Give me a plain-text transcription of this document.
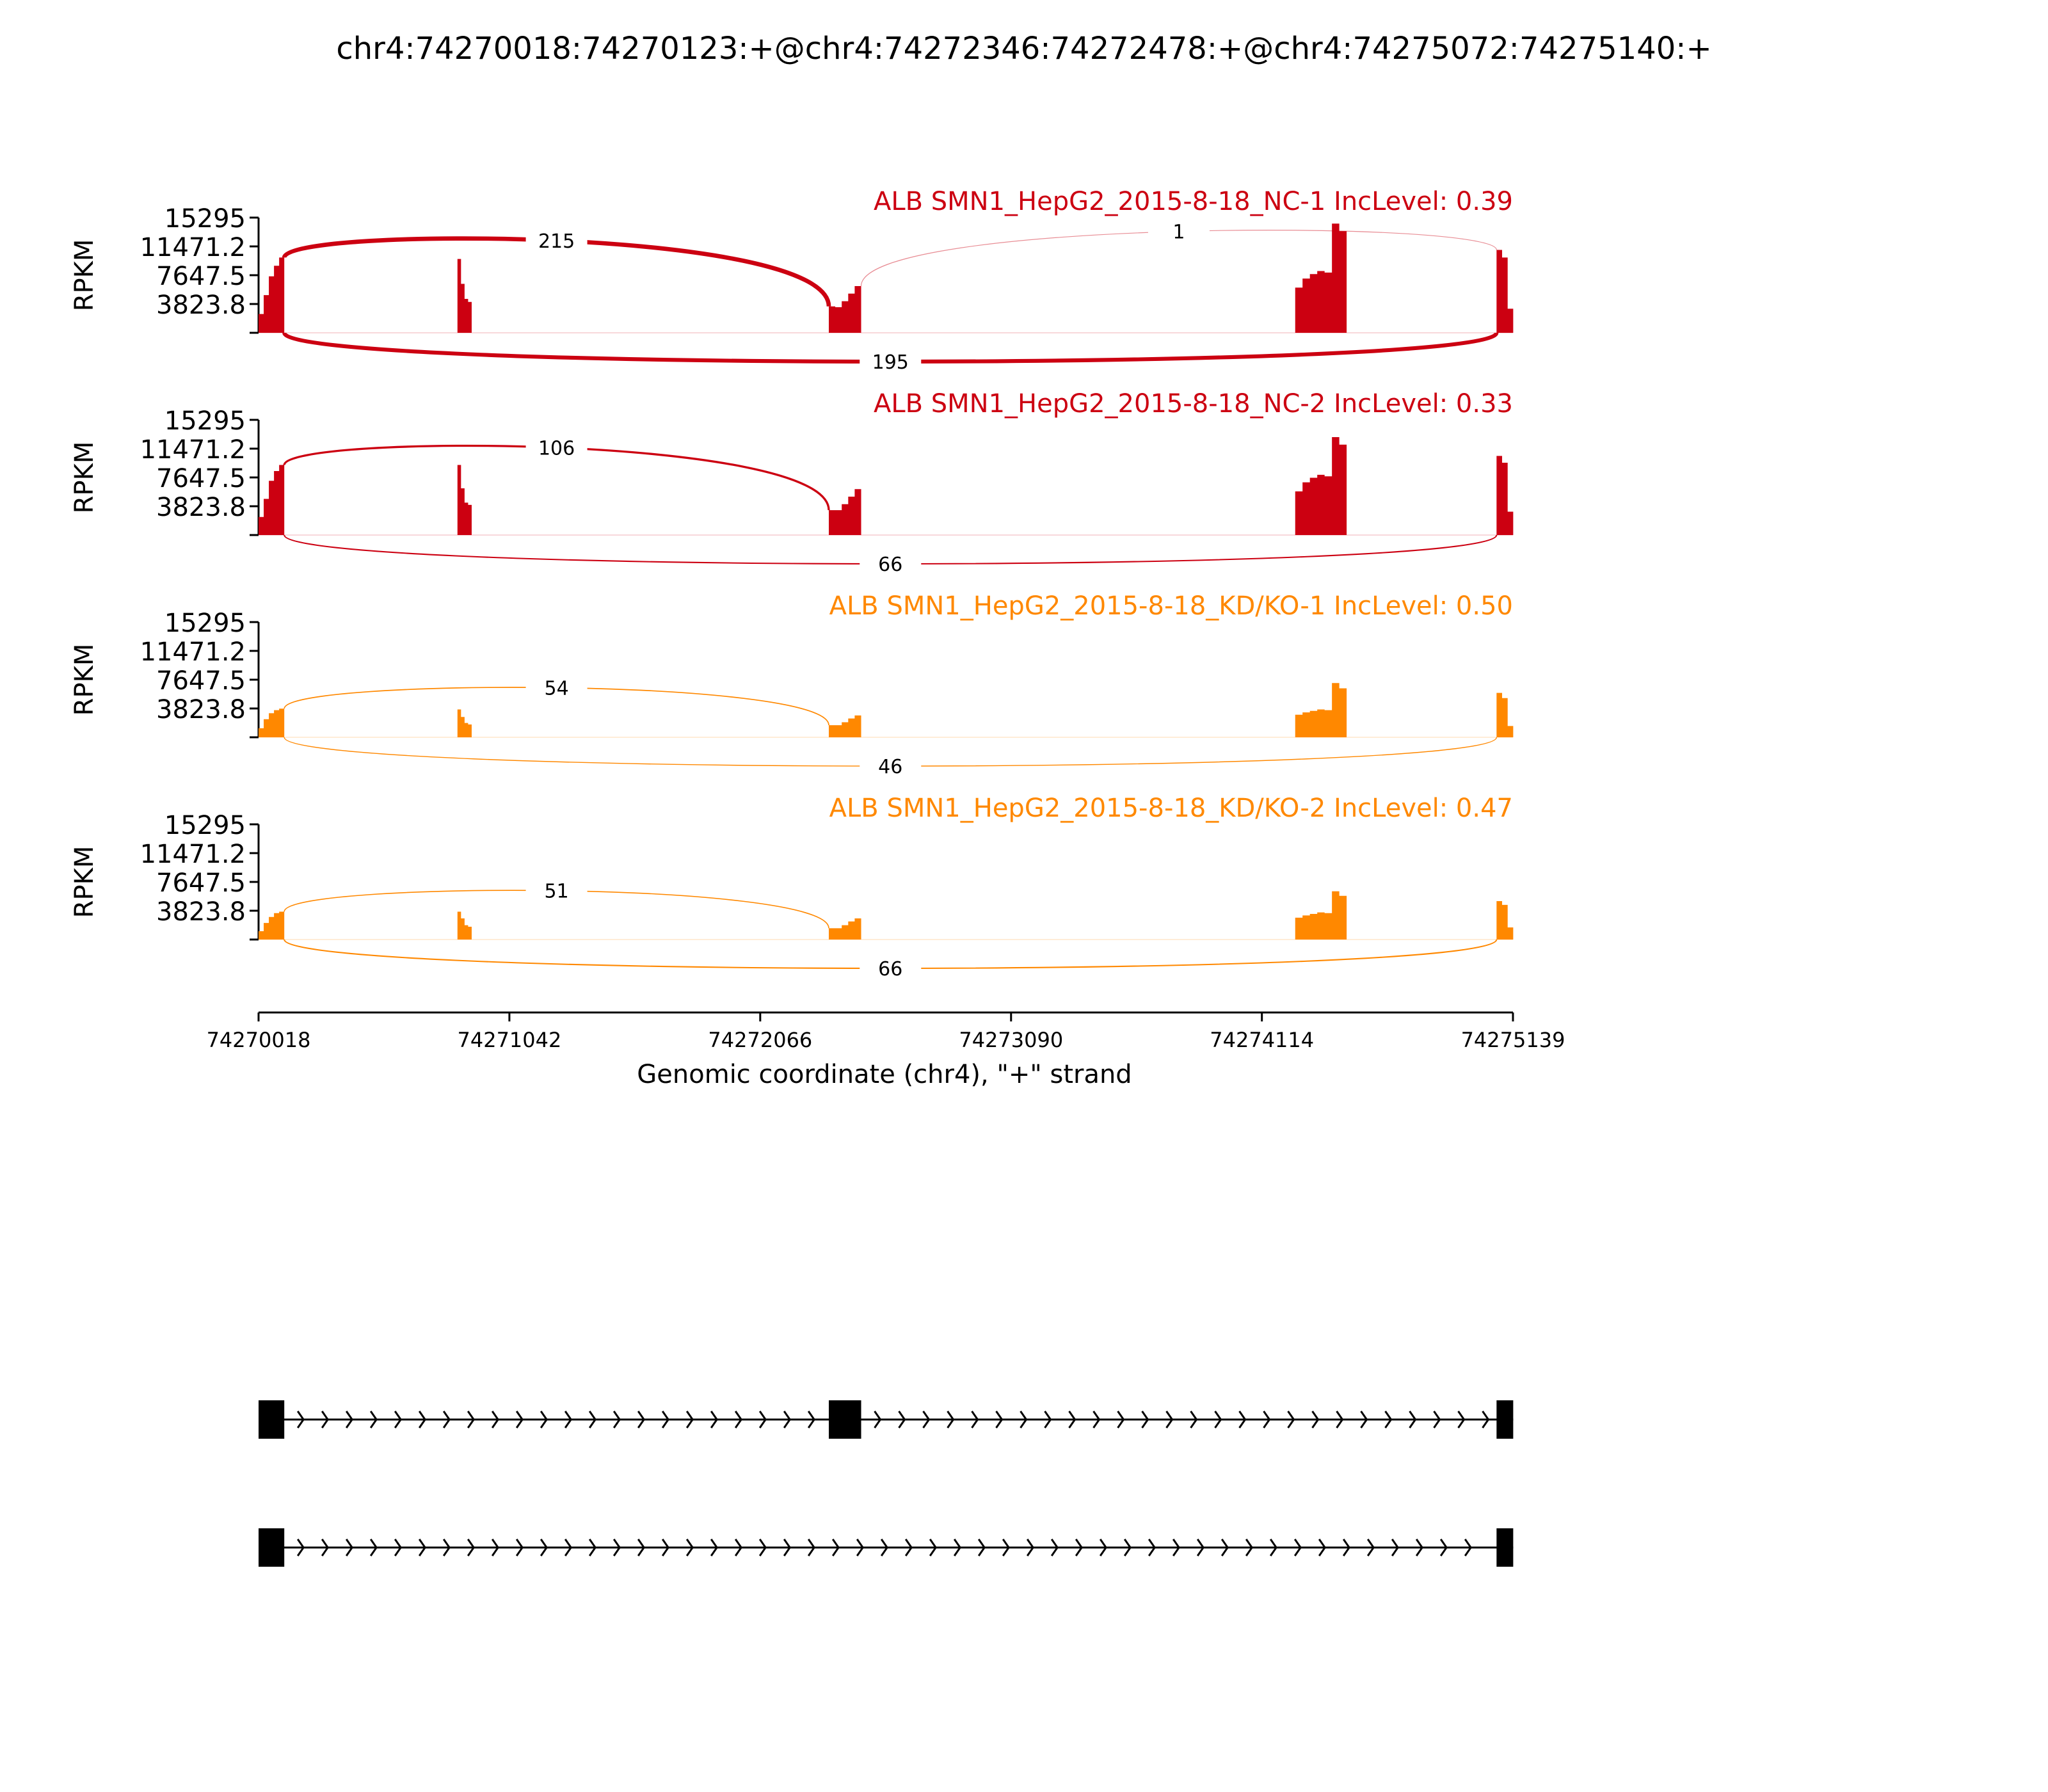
chr4:74270018:74270123:+@chr4:74272346:74272478:+@chr4:74275072:74275140:+
3823.8
7647.5
11471.2
15295
RPKM
ALB SMN1_HepG2_2015-8-18_NC-1 IncLevel: 0.39
215	1
195
3823.8
7647.5
11471.2
15295
RPKM
ALB SMN1_HepG2_2015-8-18_NC-2 IncLevel: 0.33
106
66
3823.8
7647.5
11471.2
15295
RPKM
ALB SMN1_HepG2_2015-8-18_KD/KO-1 IncLevel: 0.50
54
46
3823.8
7647.5
11471.2
15295
RPKM
ALB SMN1_HepG2_2015-8-18_KD/KO-2 IncLevel: 0.47
51
66
74270018	74271042	74272066	74273090	74274114	74275139
Genomic coordinate (chr4), "+" strand
